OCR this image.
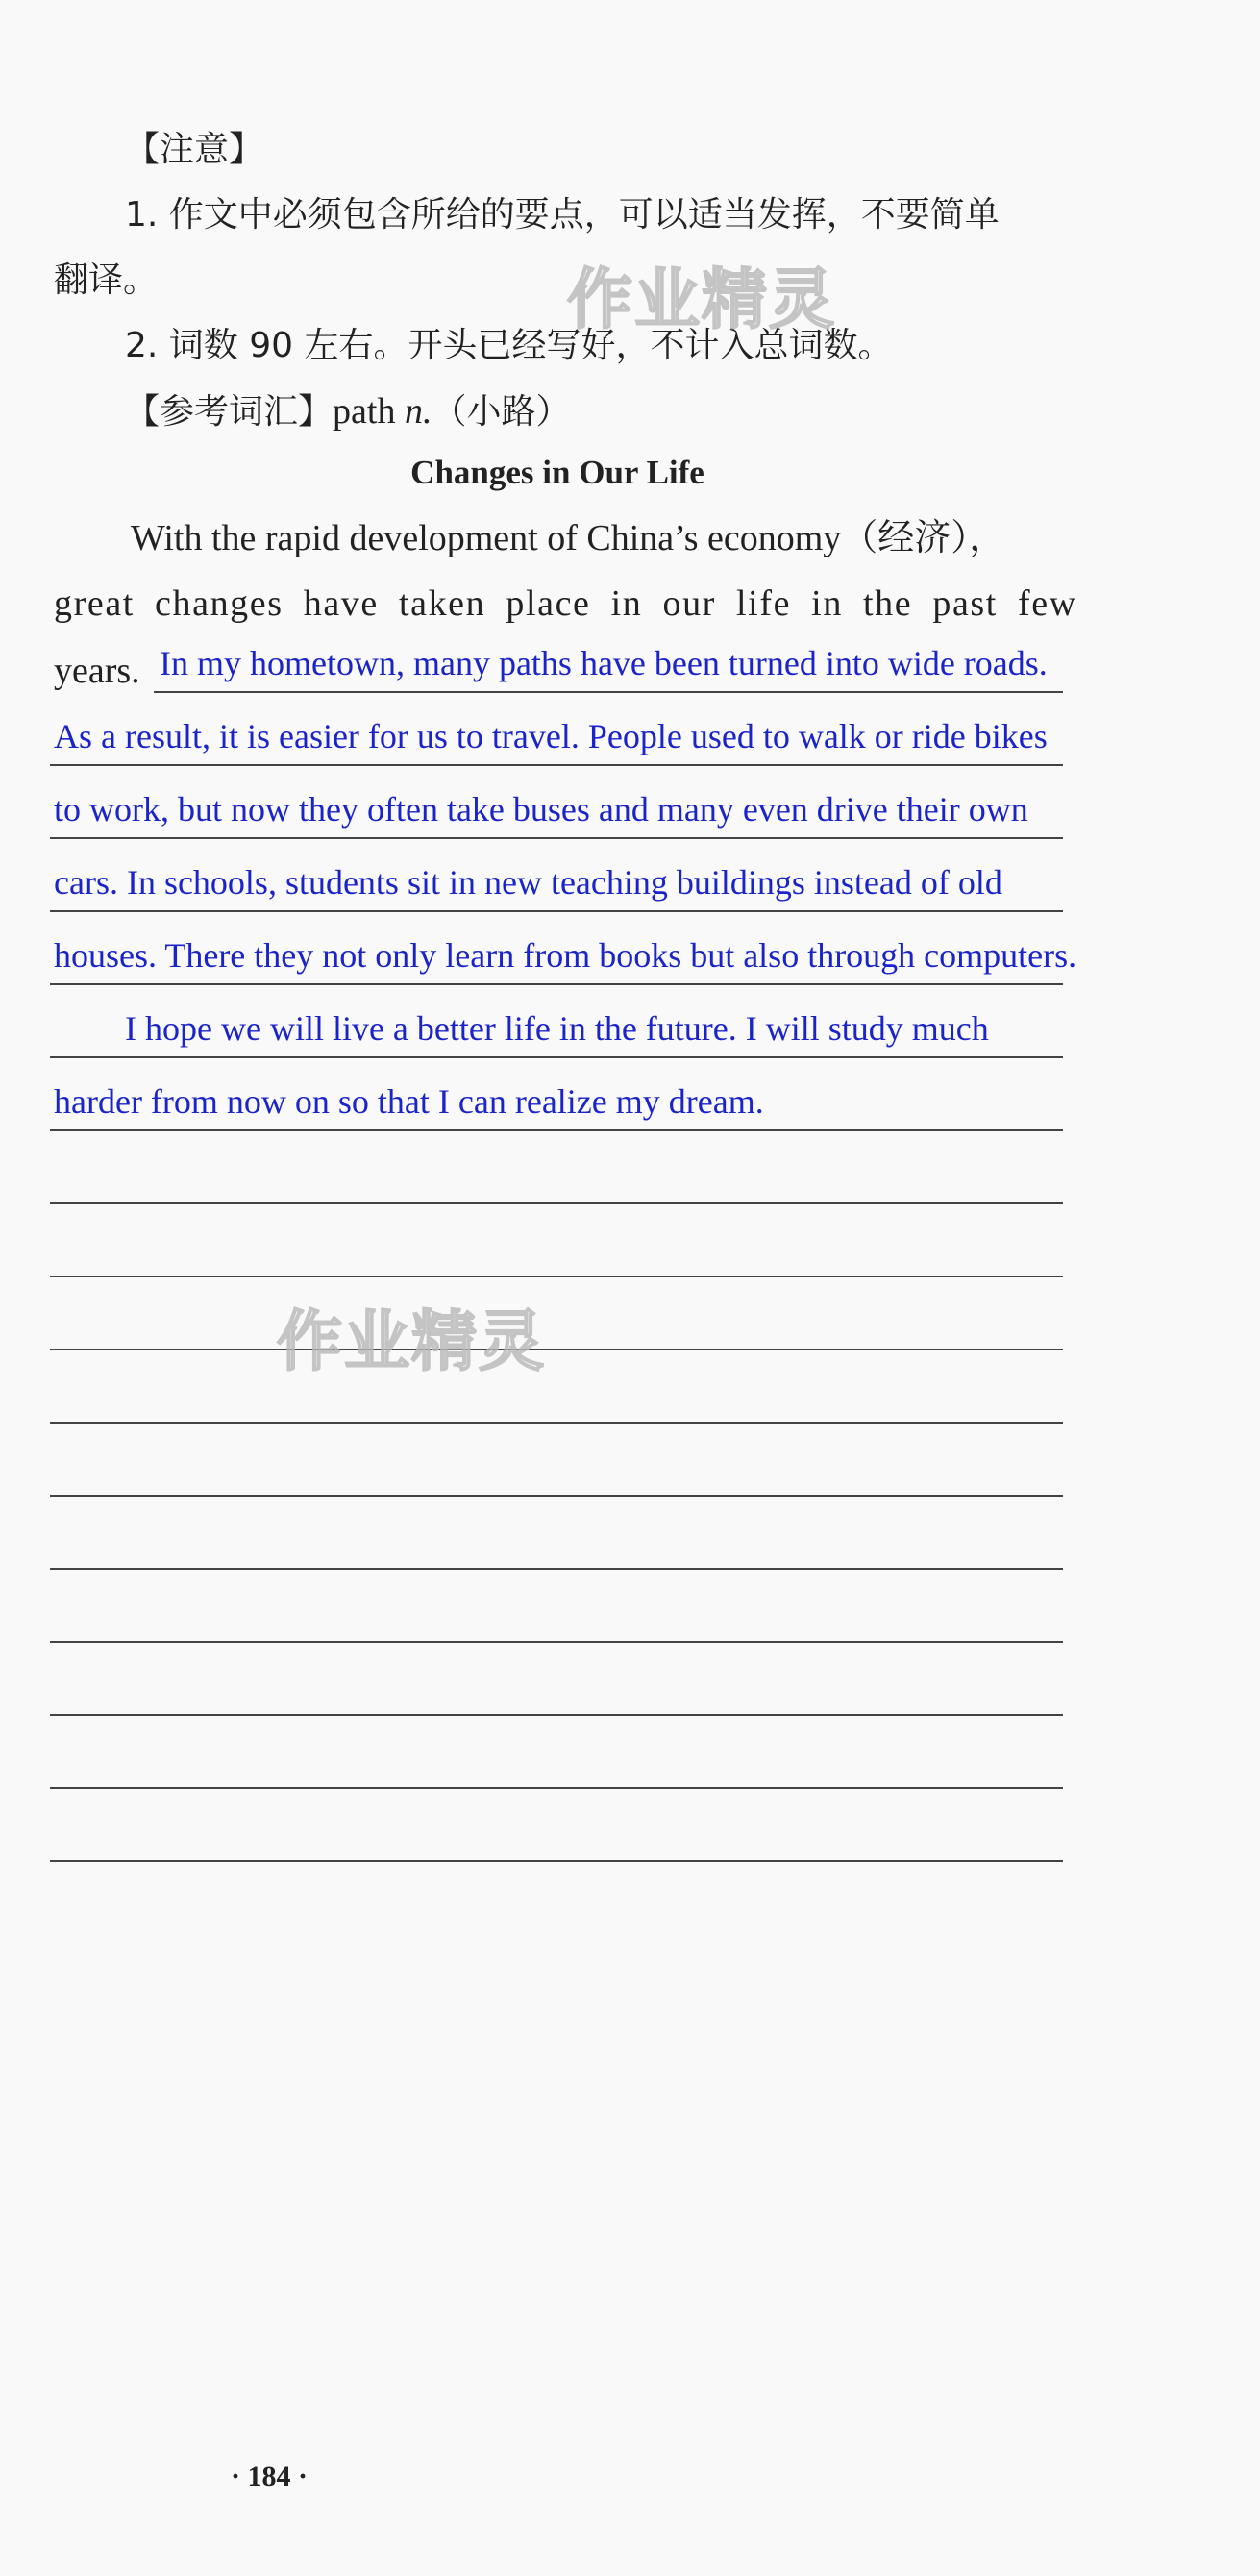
【注意】
1. 作文中必须包含所给的要点，可以适当发挥，不要简单
翻译。
2. 词数 90 左右。开头已经写好，不计入总词数。
【参考词汇】path n.（小路）
作业精灵
Changes in Our Life
With the rapid development of China’s economy（经济），
great changes have taken place in our life in the past few
years. In my hometown, many paths have been turned into wide roads.
As a result, it is easier for us to travel. People used to walk or ride bikes
to work, but now they often take buses and many even drive their own
cars. In schools, students sit in new teaching buildings instead of old
houses. There they not only learn from books but also through computers.
I hope we will live a better life in the future. I will study much
harder from now on so that I can realize my dream.
作业精灵
· 184 ·
